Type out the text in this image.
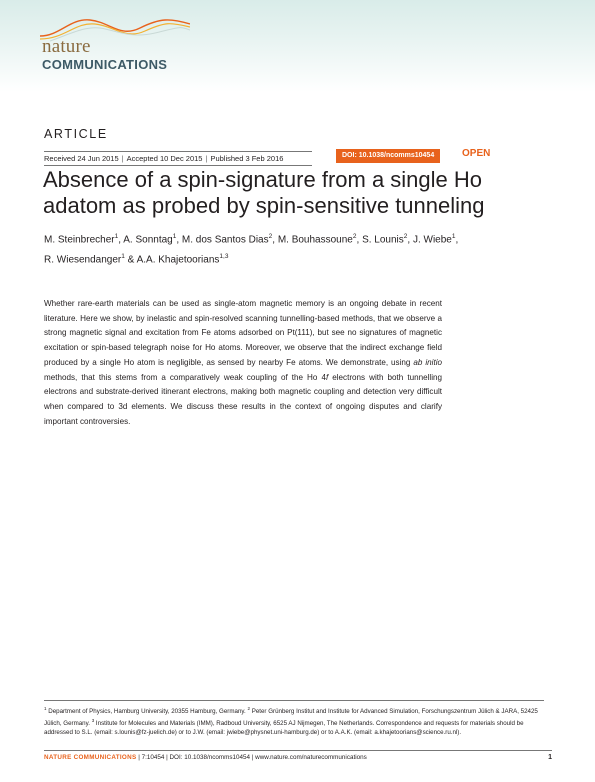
nature
COMMUNICATIONS
ARTICLE
Received 24 Jun 2015 | Accepted 10 Dec 2015 | Published 3 Feb 2016	DOI: 10.1038/ncomms10454	OPEN
Absence of a spin-signature from a single Ho adatom as probed by spin-sensitive tunneling
M. Steinbrecher$^1$, A. Sonntag$^1$, M. dos Santos Dias$^2$, M. Bouhassoune$^2$, S. Lounis$^2$, J. Wiebe$^1$,
R. Wiesendanger$^1$ & A.A. Khajetoorians$^{1,3}$
Whether rare-earth materials can be used as single-atom magnetic memory is an ongoing debate in recent literature. Here we show, by inelastic and spin-resolved scanning tunnelling-based methods, that we observe a strong magnetic signal and excitation from Fe atoms adsorbed on Pt(111), but see no signatures of magnetic excitation or spin-based telegraph noise for Ho atoms. Moreover, we observe that the indirect exchange field produced by a single Ho atom is negligible, as sensed by nearby Fe atoms. We demonstrate, using ab initio methods, that this stems from a comparatively weak coupling of the Ho 4f electrons with both tunnelling electrons and substrate-derived itinerant electrons, making both magnetic coupling and detection very difficult when compared to 3d elements. We discuss these results in the context of ongoing disputes and clarify important controversies.
$^1$ Department of Physics, Hamburg University, 20355 Hamburg, Germany. $^2$ Peter Grünberg Institut and Institute for Advanced Simulation, Forschungszentrum Jülich & JARA, 52425 Jülich, Germany. $^3$ Institute for Molecules and Materials (IMM), Radboud University, 6525 AJ Nijmegen, The Netherlands. Correspondence and requests for materials should be addressed to S.L. (email: s.lounis@fz-juelich.de) or to J.W. (email: jwiebe@physnet.uni-hamburg.de) or to A.A.K. (email: a.khajetoorians@science.ru.nl).
NATURE COMMUNICATIONS | 7:10454 | DOI: 10.1038/ncomms10454 | www.nature.com/naturecommunications	1
